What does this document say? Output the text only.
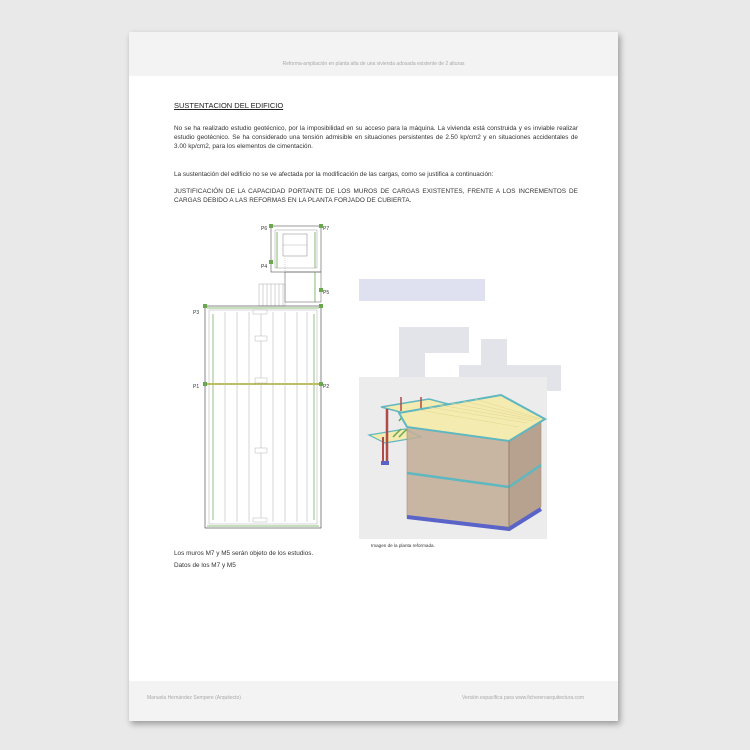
Reforma-ampliación en planta alta de una vivienda adosada existente de 2 alturas
SUSTENTACION DEL EDIFICIO
No se ha realizado estudio geotécnico, por la imposibilidad en su acceso para la máquina. La vivienda está construida y es inviable realizar estudio geotécnico. Se ha considerado una tensión admisible en situaciones persistentes de 2.50 kp/cm2 y en situaciones accidentales de 3.00 kp/cm2, para los elementos de cimentación.
La sustentación del edificio no se ve afectada por la modificación de las cargas, como se justifica a continuación:
JUSTIFICACIÓN DE LA CAPACIDAD PORTANTE DE LOS MUROS DE CARGAS EXISTENTES, FRENTE A LOS INCREMENTOS DE CARGAS DEBIDO A LAS REFORMAS EN LA PLANTA FORJADO DE CUBIERTA.
P3
P1	P2
P4
P5
P6	P7
Imagen de la planta reformada.
Los muros M7 y M5 serán objeto de los estudios.
Datos de los M7 y M5
Manuela Hernández Sempere (Arquitecto)	Versión espacífica para www.fichereroarquitectura.com
